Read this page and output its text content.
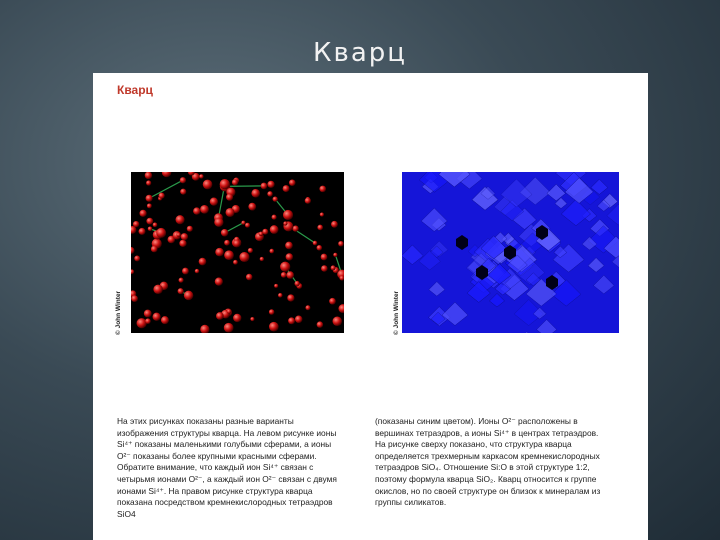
Кварц
Кварц
© John Winter	© John Winter
На этих рисунках показаны разные варианты изображения структуры кварца. На левом рисунке ионы Si⁴⁺ показаны маленькими голубыми сферами, а ионы O²⁻ показаны более крупными красными сферами. Обратите внимание, что каждый ион Si⁴⁺ связан с четырьмя ионами O²⁻, а каждый ион O²⁻ связан с двумя ионами Si⁴⁺. На правом рисунке структура кварца показана посредством кремнекислородных тетраэдров SiO4
(показаны синим цветом). Ионы O²⁻ расположены в вершинах тетраэдров, а ионы Si⁴⁺ в центрах тетраэдров. На рисунке сверху показано, что структура кварца определяется трехмерным каркасом кремнекислородных тетраэдров SiO₄. Отношение Si:O в этой структуре 1:2, поэтому формула кварца SiO₂. Кварц относится к группе окислов, но по своей структуре он близок к минералам из группы силикатов.
